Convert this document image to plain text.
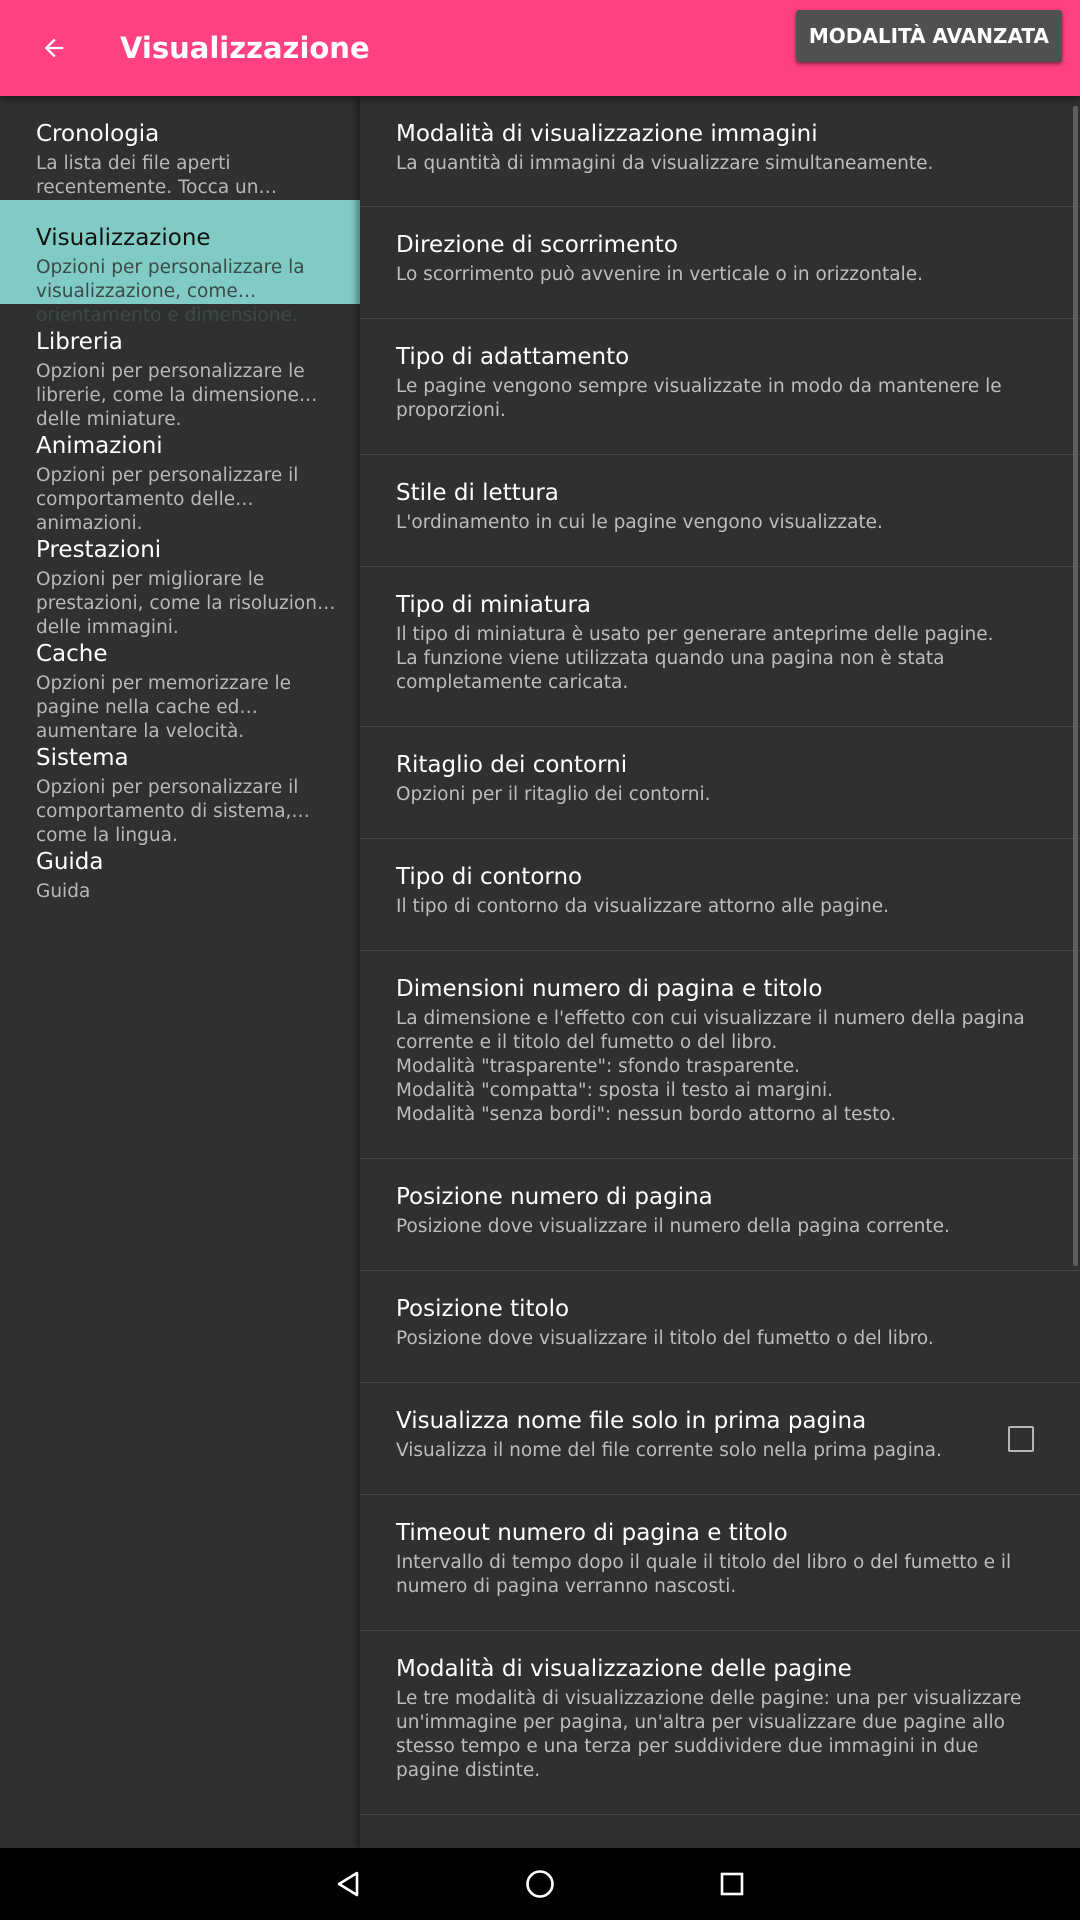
Visualizzazione	MODALITÀ AVANZATA
Cronologia
La lista dei file aperti recentemente. Tocca un
Visualizzazione
Opzioni per personalizzare la visualizzazione, come orientamento e dimensione.
Libreria
Opzioni per personalizzare le librerie, come la dimensione delle miniature.
Animazioni
Opzioni per personalizzare il comportamento delle animazioni.
Prestazioni
Opzioni per migliorare le prestazioni, come la risoluzione delle immagini.
Cache
Opzioni per memorizzare le pagine nella cache ed aumentare la velocità.
Sistema
Opzioni per personalizzare il comportamento di sistema, come la lingua.
Guida
Guida
Modalità di visualizzazione immagini
La quantità di immagini da visualizzare simultaneamente.
Direzione di scorrimento
Lo scorrimento può avvenire in verticale o in orizzontale.
Tipo di adattamento
Le pagine vengono sempre visualizzate in modo da mantenere le proporzioni.
Stile di lettura
L'ordinamento in cui le pagine vengono visualizzate.
Tipo di miniatura
Il tipo di miniatura è usato per generare anteprime delle pagine.
La funzione viene utilizzata quando una pagina non è stata completamente caricata.
Ritaglio dei contorni
Opzioni per il ritaglio dei contorni.
Tipo di contorno
Il tipo di contorno da visualizzare attorno alle pagine.
Dimensioni numero di pagina e titolo
La dimensione e l'effetto con cui visualizzare il numero della pagina corrente e il titolo del fumetto o del libro.
Modalità "trasparente": sfondo trasparente.
Modalità "compatta": sposta il testo ai margini.
Modalità "senza bordi": nessun bordo attorno al testo.
Posizione numero di pagina
Posizione dove visualizzare il numero della pagina corrente.
Posizione titolo
Posizione dove visualizzare il titolo del fumetto o del libro.
Visualizza nome file solo in prima pagina
Visualizza il nome del file corrente solo nella prima pagina.
Timeout numero di pagina e titolo
Intervallo di tempo dopo il quale il titolo del libro o del fumetto e il numero di pagina verranno nascosti.
Modalità di visualizzazione delle pagine
Le tre modalità di visualizzazione delle pagine: una per visualizzare un'immagine per pagina, un'altra per visualizzare due pagine allo stesso tempo e una terza per suddividere due immagini in due pagine distinte.
